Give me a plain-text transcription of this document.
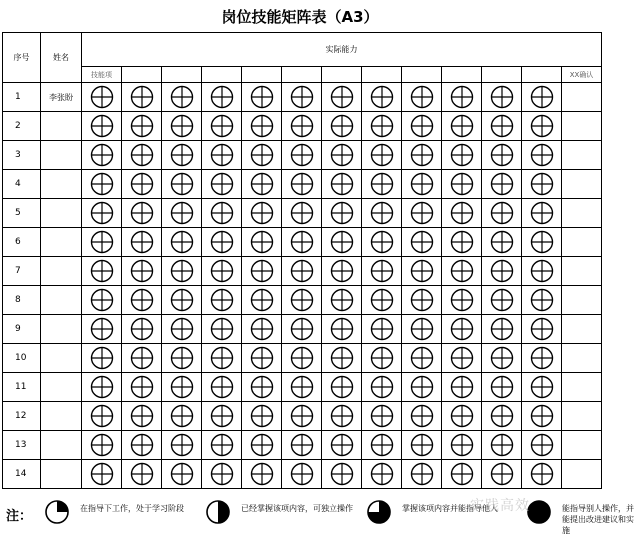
岗位技能矩阵表（A3）
序号	姓名	实际能力												
		技能项												XX确认
1	李张盼	

2		

3		

4		

5		

6		

7		

8		

9		

10		

11		

12		

13		

14		

注：
在指导下工作，处于学习阶段	已经掌握该项内容，可独立操作	掌握该项内容并能指导他人	能指导别人操作，并能提出改进建议和实施
实践高效
